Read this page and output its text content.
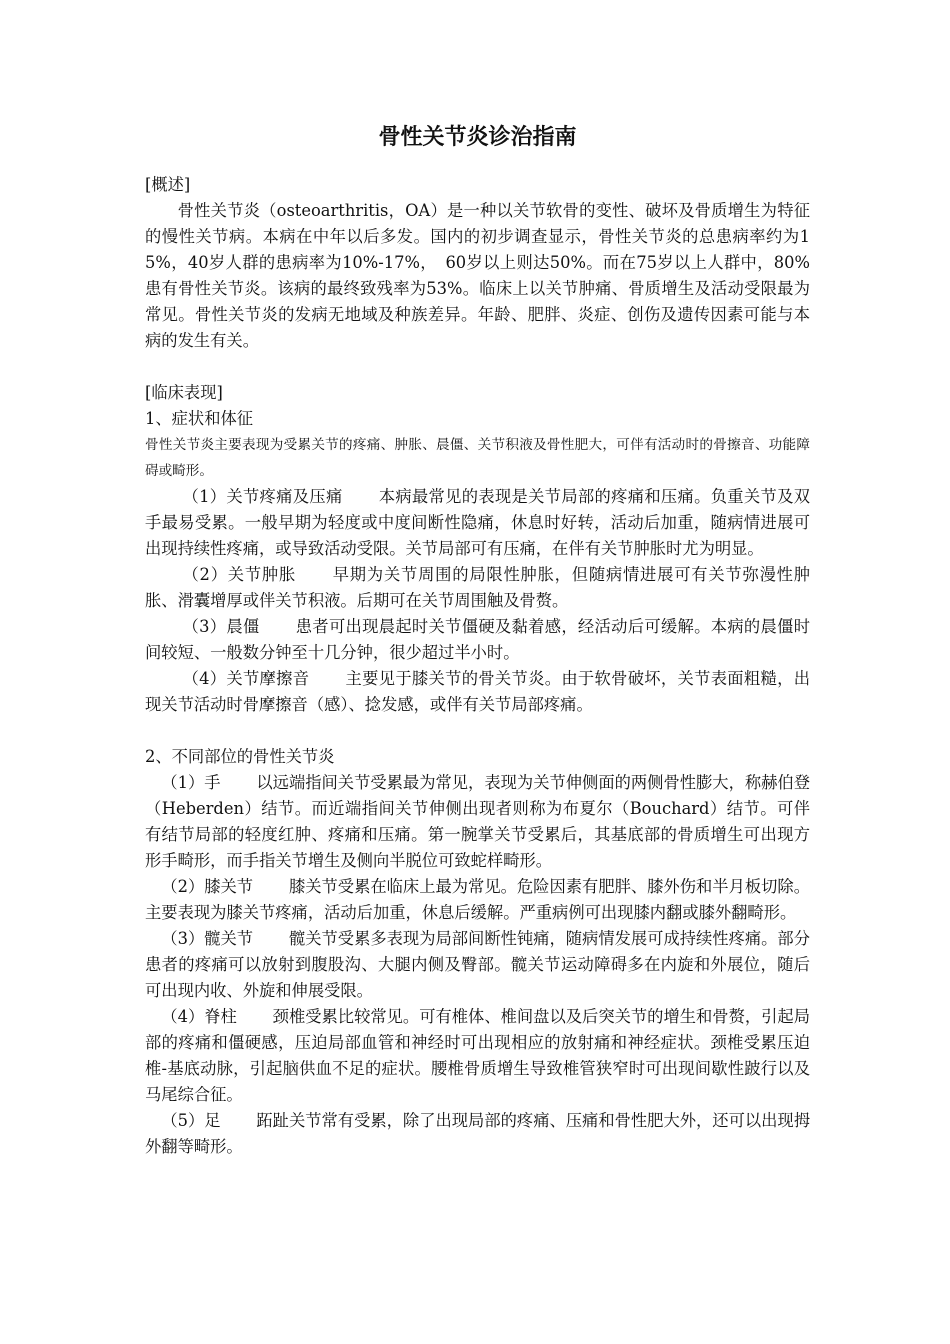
骨性关节炎诊治指南

[概述]

骨性关节炎（osteoarthritis，OA）是一种以关节软骨的变性、破坏及骨质增生为特征的慢性关节病。本病在中年以后多发。国内的初步调查显示，骨性关节炎的总患病率约为15%，40岁人群的患病率为10%-17%，　60岁以上则达50%。而在75岁以上人群中，80%患有骨性关节炎。该病的最终致残率为53%。临床上以关节肿痛、骨质增生及活动受限最为常见。骨性关节炎的发病无地域及种族差异。年龄、肥胖、炎症、创伤及遗传因素可能与本病的发生有关。

[临床表现]

1、症状和体征

骨性关节炎主要表现为受累关节的疼痛、肿胀、晨僵、关节积液及骨性肥大，可伴有活动时的骨擦音、功能障碍或畸形。

（1）关节疼痛及压痛 本病最常见的表现是关节局部的疼痛和压痛。负重关节及双手最易受累。一般早期为轻度或中度间断性隐痛，休息时好转，活动后加重，随病情进展可出现持续性疼痛，或导致活动受限。关节局部可有压痛，在伴有关节肿胀时尤为明显。

（2）关节肿胀 早期为关节周围的局限性肿胀，但随病情进展可有关节弥漫性肿胀、滑囊增厚或伴关节积液。后期可在关节周围触及骨赘。

（3）晨僵 患者可出现晨起时关节僵硬及黏着感，经活动后可缓解。本病的晨僵时间较短、一般数分钟至十几分钟，很少超过半小时。

（4）关节摩擦音 主要见于膝关节的骨关节炎。由于软骨破坏，关节表面粗糙，出现关节活动时骨摩擦音（感）、捻发感，或伴有关节局部疼痛。

2、不同部位的骨性关节炎

（1）手 以远端指间关节受累最为常见，表现为关节伸侧面的两侧骨性膨大，称赫伯登（Heberden）结节。而近端指间关节伸侧出现者则称为布夏尔（Bouchard）结节。可伴有结节局部的轻度红肿、疼痛和压痛。第一腕掌关节受累后，其基底部的骨质增生可出现方形手畸形，而手指关节增生及侧向半脱位可致蛇样畸形。

（2）膝关节 膝关节受累在临床上最为常见。危险因素有肥胖、膝外伤和半月板切除。主要表现为膝关节疼痛，活动后加重，休息后缓解。严重病例可出现膝内翻或膝外翻畸形。

（3）髋关节 髋关节受累多表现为局部间断性钝痛，随病情发展可成持续性疼痛。部分患者的疼痛可以放射到腹股沟、大腿内侧及臀部。髋关节运动障碍多在内旋和外展位，随后可出现内收、外旋和伸展受限。

（4）脊柱 颈椎受累比较常见。可有椎体、椎间盘以及后突关节的增生和骨赘，引起局部的疼痛和僵硬感，压迫局部血管和神经时可出现相应的放射痛和神经症状。颈椎受累压迫椎-基底动脉，引起脑供血不足的症状。腰椎骨质增生导致椎管狭窄时可出现间歇性跛行以及马尾综合征。

（5）足 跖趾关节常有受累，除了出现局部的疼痛、压痛和骨性肥大外，还可以出现拇外翻等畸形。
